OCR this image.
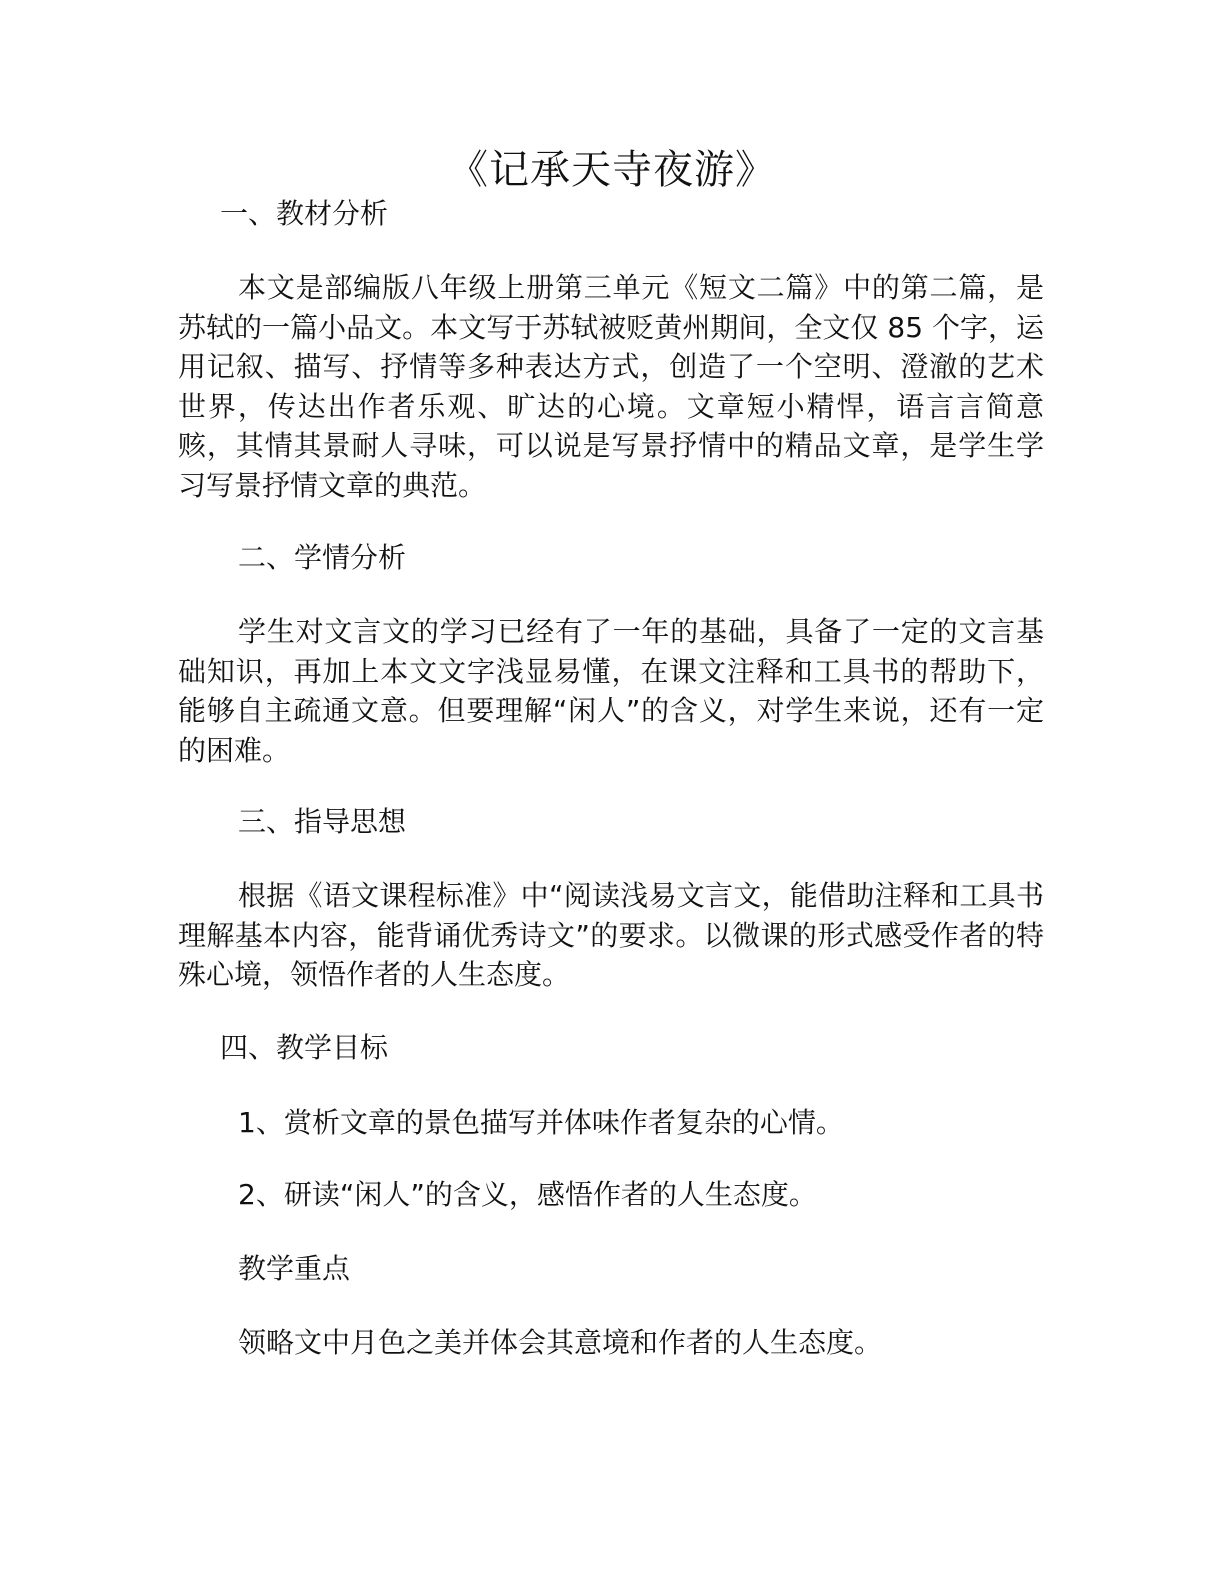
《记承天寺夜游》
一、教材分析
本文是部编版八年级上册第三单元《短文二篇》中的第二篇，是苏轼的一篇小品文。本文写于苏轼被贬黄州期间，全文仅 85 个字，运用记叙、描写、抒情等多种表达方式，创造了一个空明、澄澈的艺术世界，传达出作者乐观、旷达的心境。文章短小精悍，语言言简意赅，其情其景耐人寻味，可以说是写景抒情中的精品文章，是学生学习写景抒情文章的典范。
二、学情分析
学生对文言文的学习已经有了一年的基础，具备了一定的文言基础知识，再加上本文文字浅显易懂，在课文注释和工具书的帮助下，能够自主疏通文意。但要理解“闲人”的含义，对学生来说，还有一定的困难。
三、指导思想
根据《语文课程标准》中“阅读浅易文言文，能借助注释和工具书理解基本内容，能背诵优秀诗文”的要求。以微课的形式感受作者的特殊心境，领悟作者的人生态度。
四、教学目标
1、赏析文章的景色描写并体味作者复杂的心情。
2、研读“闲人”的含义，感悟作者的人生态度。
教学重点
领略文中月色之美并体会其意境和作者的人生态度。
